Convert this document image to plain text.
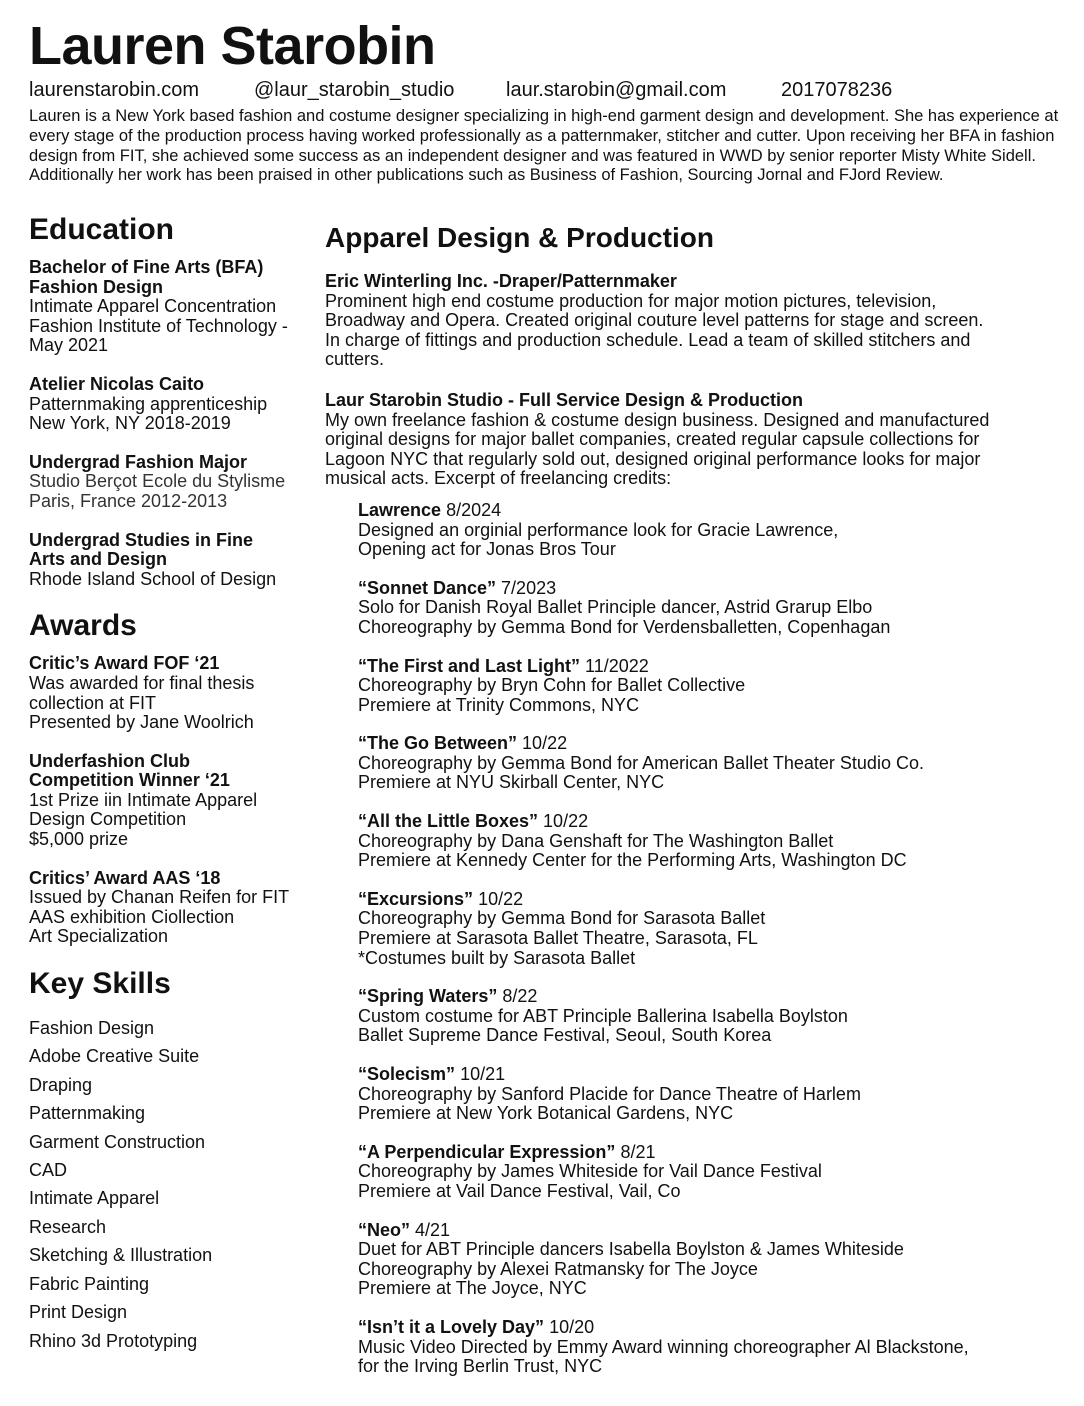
Lauren Starobin
laurenstarobin.com	@laur_starobin_studio	laur.starobin@gmail.com	2017078236

Lauren is a New York based fashion and costume designer specializing in high-end garment design and development. She has experience at every stage of the production process having worked professionally as a patternmaker, stitcher and cutter. Upon receiving her BFA in fashion design from FIT, she achieved some success as an independent designer and was featured in WWD by senior reporter Misty White Sidell. Additionally her work has been praised in other publications such as Business of Fashion, Sourcing Jornal and FJord Review.

Education
Bachelor of Fine Arts (BFA)
Fashion Design
Intimate Apparel Concentration
Fashion Institute of Technology -
May 2021
Atelier Nicolas Caito
Patternmaking apprenticeship
New York, NY 2018-2019
Undergrad Fashion Major
Studio Berçot Ecole du Stylisme
Paris, France 2012-2013
Undergrad Studies in Fine
Arts and Design
Rhode Island School of Design
Awards
Critic’s Award FOF ‘21
Was awarded for final thesis
collection at FIT
Presented by Jane Woolrich
Underfashion Club
Competition Winner ‘21
1st Prize iin Intimate Apparel
Design Competition
$5,000 prize
Critics’ Award AAS ‘18
Issued by Chanan Reifen for FIT
AAS exhibition Ciollection
Art Specialization
Key Skills
Fashion Design
Adobe Creative Suite
Draping
Patternmaking
Garment Construction
CAD
Intimate Apparel
Research
Sketching & Illustration
Fabric Painting
Print Design
Rhino 3d Prototyping
Apparel Design & Production
Eric Winterling Inc. -Draper/Patternmaker
Prominent high end costume production for major motion pictures, television,
Broadway and Opera. Created original couture level patterns for stage and screen.
In charge of fittings and production schedule. Lead a team of skilled stitchers and
cutters.
Laur Starobin Studio - Full Service Design & Production
My own freelance fashion & costume design business. Designed and manufactured
original designs for major ballet companies, created regular capsule collections for
Lagoon NYC that regularly sold out, designed original performance looks for major
musical acts. Excerpt of freelancing credits:
Lawrence 8/2024
Designed an orginial performance look for Gracie Lawrence,
Opening act for Jonas Bros Tour
“Sonnet Dance” 7/2023
Solo for Danish Royal Ballet Principle dancer, Astrid Grarup Elbo
Choreography by Gemma Bond for Verdensballetten, Copenhagan
“The First and Last Light” 11/2022
Choreography by Bryn Cohn for Ballet Collective
Premiere at Trinity Commons, NYC
“The Go Between” 10/22
Choreography by Gemma Bond for American Ballet Theater Studio Co.
Premiere at NYU Skirball Center, NYC
“All the Little Boxes” 10/22
Choreography by Dana Genshaft for The Washington Ballet
Premiere at Kennedy Center for the Performing Arts, Washington DC
“Excursions” 10/22
Choreography by Gemma Bond for Sarasota Ballet
Premiere at Sarasota Ballet Theatre, Sarasota, FL
*Costumes built by Sarasota Ballet
“Spring Waters” 8/22
Custom costume for ABT Principle Ballerina Isabella Boylston
Ballet Supreme Dance Festival, Seoul, South Korea
“Solecism” 10/21
Choreography by Sanford Placide for Dance Theatre of Harlem
Premiere at New York Botanical Gardens, NYC
“A Perpendicular Expression” 8/21
Choreography by James Whiteside for Vail Dance Festival
Premiere at Vail Dance Festival, Vail, Co
“Neo” 4/21
Duet for ABT Principle dancers Isabella Boylston & James Whiteside
Choreography by Alexei Ratmansky for The Joyce
Premiere at The Joyce, NYC
“Isn’t it a Lovely Day” 10/20
Music Video Directed by Emmy Award winning choreographer Al Blackstone,
for the Irving Berlin Trust, NYC
